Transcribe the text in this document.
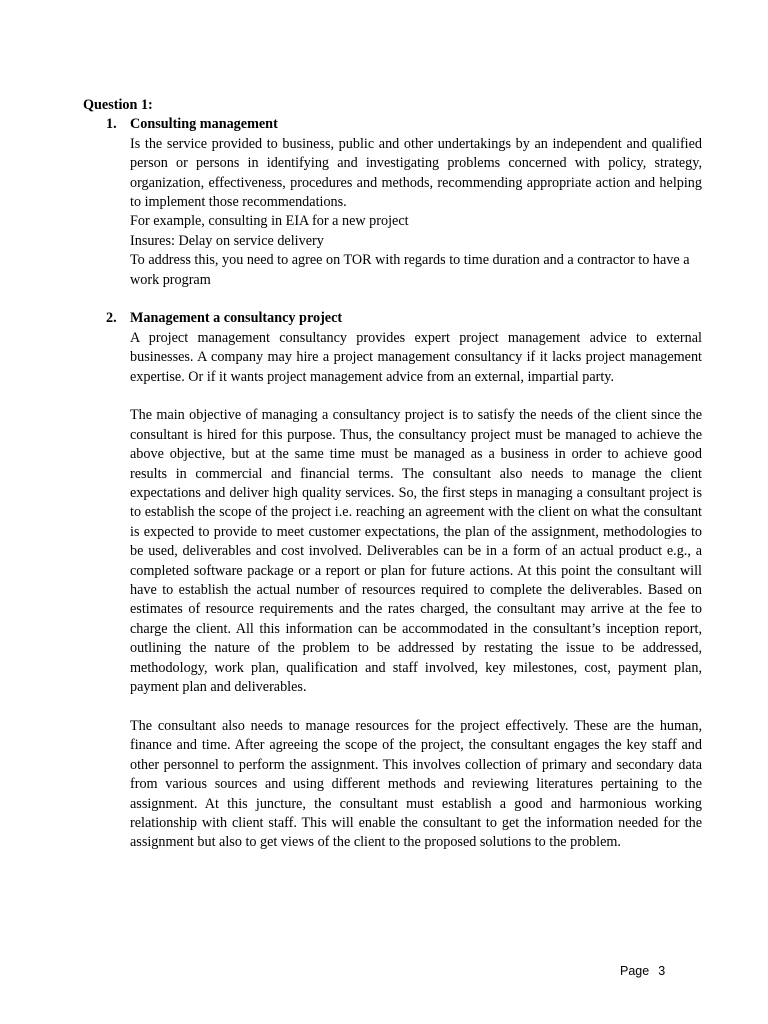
Question 1:
1. Consulting management

Is the service provided to business, public and other undertakings by an independent and qualified person or persons in identifying and investigating problems concerned with policy, strategy, organization, effectiveness, procedures and methods, recommending appropriate action and helping to implement those recommendations.

For example, consulting in EIA for a new project

Insures: Delay on service delivery

To address this, you need to agree on TOR with regards to time duration and a contractor to have a work program

2. Management a consultancy project

A project management consultancy provides expert project management advice to external businesses. A company may hire a project management consultancy if it lacks project management expertise. Or if it wants project management advice from an external, impartial party.

The main objective of managing a consultancy project is to satisfy the needs of the client since the consultant is hired for this purpose. Thus, the consultancy project must be managed to achieve the above objective, but at the same time must be managed as a business in order to achieve good results in commercial and financial terms. The consultant also needs to manage the client expectations and deliver high quality services. So, the first steps in managing a consultant project is to establish the scope of the project i.e. reaching an agreement with the client on what the consultant is expected to provide to meet customer expectations, the plan of the assignment, methodologies to be used, deliverables and cost involved. Deliverables can be in a form of an actual product e.g., a completed software package or a report or plan for future actions. At this point the consultant will have to establish the actual number of resources required to complete the deliverables. Based on estimates of resource requirements and the rates charged, the consultant may arrive at the fee to charge the client. All this information can be accommodated in the consultant’s inception report, outlining the nature of the problem to be addressed by restating the issue to be addressed, methodology, work plan, qualification and staff involved, key milestones, cost, payment plan, payment plan and deliverables.

The consultant also needs to manage resources for the project effectively. These are the human, finance and time. After agreeing the scope of the project, the consultant engages the key staff and other personnel to perform the assignment. This involves collection of primary and secondary data from various sources and using different methods and reviewing literatures pertaining to the assignment. At this juncture, the consultant must establish a good and harmonious working relationship with client staff. This will enable the consultant to get the information needed for the assignment but also to get views of the client to the proposed solutions to the problem.

Page 3
